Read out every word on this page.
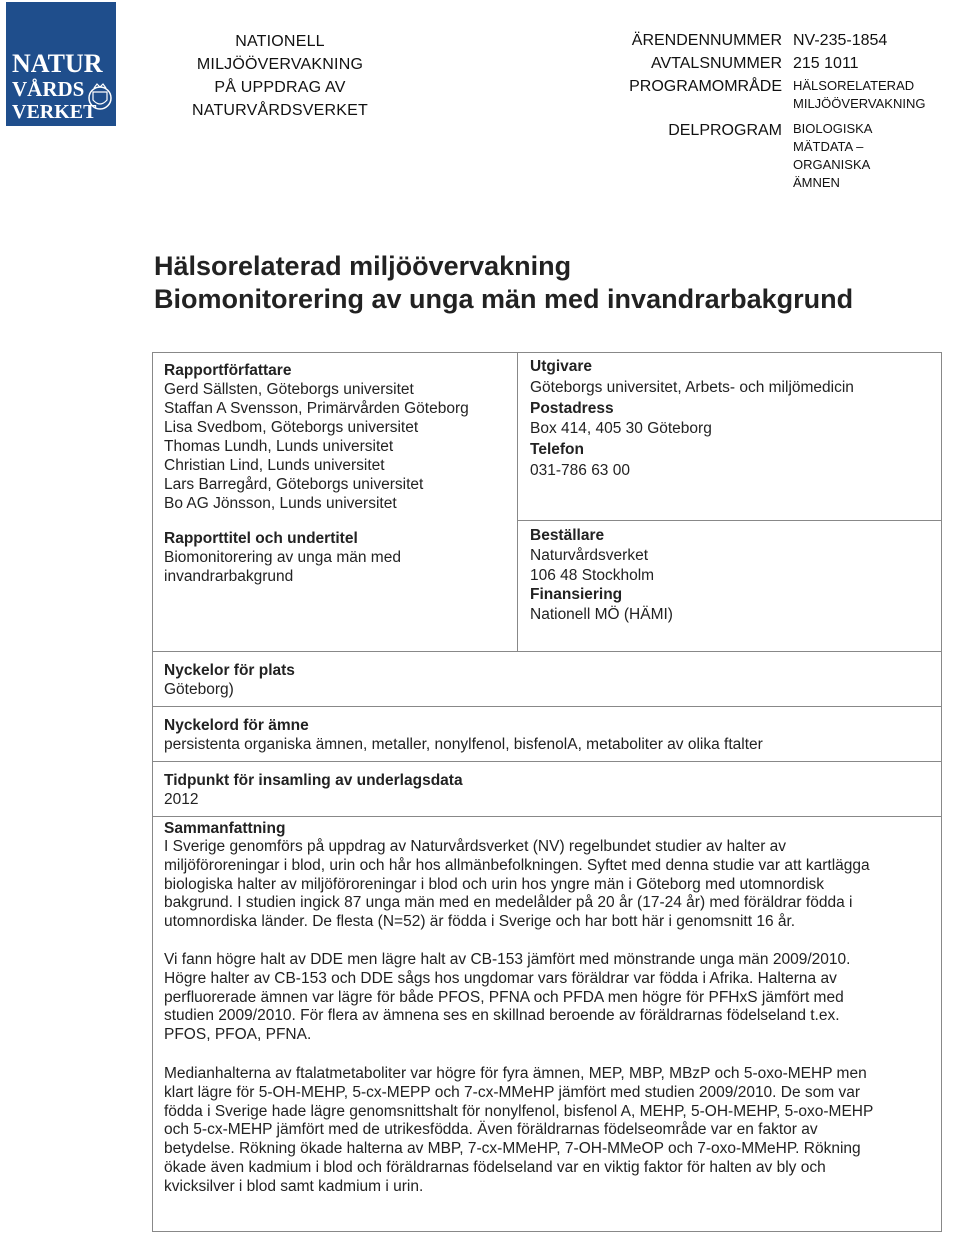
NATUR
VÅRDS
VERKET
NATIONELL
MILJÖÖVERVAKNING
PÅ UPPDRAG AV
NATURVÅRDSVERKET
ÄRENDENNUMMER NV-235-1854
AVTALSNUMMER 215 1011
PROGRAMOMRÅDE HÄLSORELATERAD
MILJÖÖVERVAKNING
DELPROGRAM BIOLOGISKA MÄTDATA –
ORGANISKA ÄMNEN
Hälsorelaterad miljöövervakning
Biomonitorering av unga män med invandrarbakgrund
Rapportförfattare
Gerd Sällsten, Göteborgs universitet
Staffan A Svensson, Primärvården Göteborg
Lisa Svedbom, Göteborgs universitet
Thomas Lundh, Lunds universitet
Christian Lind, Lunds universitet
Lars Barregård, Göteborgs universitet
Bo AG Jönsson, Lunds universitet
Rapporttitel och undertitel
Biomonitorering av unga män med
invandrarbakgrund
Utgivare
Göteborgs universitet, Arbets- och miljömedicin
Postadress
Box 414, 405 30 Göteborg
Telefon
031-786 63 00
Beställare
Naturvårdsverket
106 48 Stockholm
Finansiering
Nationell MÖ (HÄMI)
Nyckelor för plats
Göteborg)
Nyckelord för ämne
persistenta organiska ämnen, metaller, nonylfenol, bisfenolA, metaboliter av olika ftalter
Tidpunkt för insamling av underlagsdata
2012
Sammanfattning
I Sverige genomförs på uppdrag av Naturvårdsverket (NV) regelbundet studier av halter av
miljöföroreningar i blod, urin och hår hos allmänbefolkningen. Syftet med denna studie var att kartlägga
biologiska halter av miljöföroreningar i blod och urin hos yngre män i Göteborg med utomnordisk
bakgrund. I studien ingick 87 unga män med en medelålder på 20 år (17-24 år) med föräldrar födda i
utomnordiska länder. De flesta (N=52) är födda i Sverige och har bott här i genomsnitt 16 år.
Vi fann högre halt av DDE men lägre halt av CB-153 jämfört med mönstrande unga män 2009/2010.
Högre halter av CB-153 och DDE sågs hos ungdomar vars föräldrar var födda i Afrika. Halterna av
perfluorerade ämnen var lägre för både PFOS, PFNA och PFDA men högre för PFHxS jämfört med
studien 2009/2010. För flera av ämnena ses en skillnad beroende av föräldrarnas födelseland t.ex.
PFOS, PFOA, PFNA.
Medianhalterna av ftalatmetaboliter var högre för fyra ämnen, MEP, MBP, MBzP och 5-oxo-MEHP men
klart lägre för 5-OH-MEHP, 5-cx-MEPP och 7-cx-MMeHP jämfört med studien 2009/2010. De som var
födda i Sverige hade lägre genomsnittshalt för nonylfenol, bisfenol A, MEHP, 5-OH-MEHP, 5-oxo-MEHP
och 5-cx-MEHP jämfört med de utrikesfödda. Även föräldrarnas födelseområde var en faktor av
betydelse. Rökning ökade halterna av MBP, 7-cx-MMeHP, 7-OH-MMeOP och 7-oxo-MMeHP. Rökning
ökade även kadmium i blod och föräldrarnas födelseland var en viktig faktor för halten av bly och
kvicksilver i blod samt kadmium i urin.
